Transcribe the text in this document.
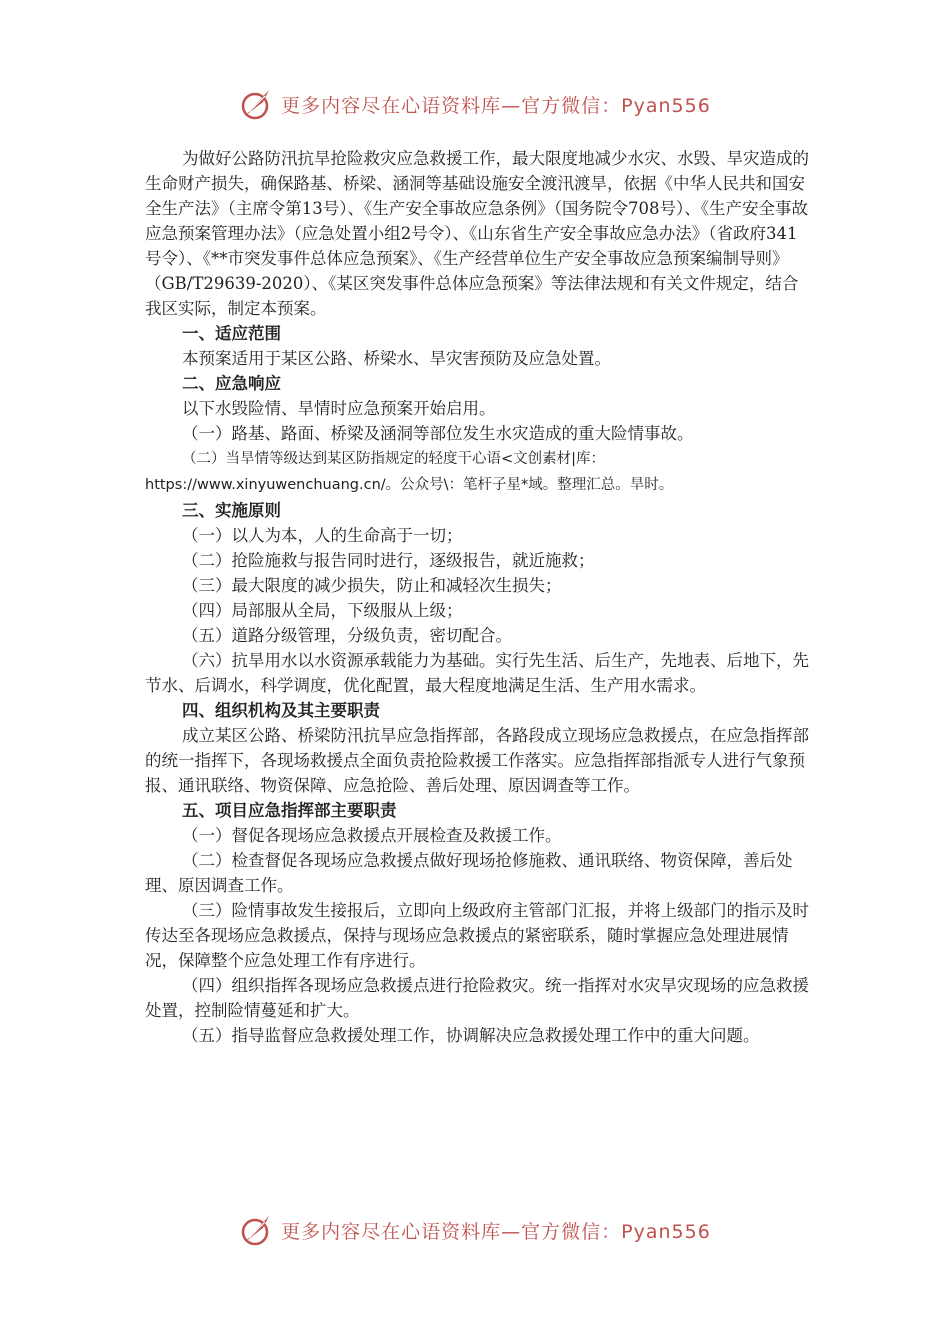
更多内容尽在心语资料库—官方微信：Pyan556

为做好公路防汛抗旱抢险救灾应急救援工作，最大限度地减少水灾、水毁、旱灾造成的生命财产损失，确保路基、桥梁、涵洞等基础设施安全渡汛渡旱，依据《中华人民共和国安全生产法》（主席令第13号）、《生产安全事故应急条例》（国务院令708号）、《生产安全事故应急预案管理办法》（应急处置小组2号令）、《山东省生产安全事故应急办法》（省政府341号令）、《**市突发事件总体应急预案》、《生产经营单位生产安全事故应急预案编制导则》（GB/T29639-2020）、《某区突发事件总体应急预案》等法律法规和有关文件规定，结合我区实际，制定本预案。

一、适应范围

本预案适用于某区公路、桥梁水、旱灾害预防及应急处置。

二、应急响应

以下水毁险情、旱情时应急预案开始启用。

（一）路基、路面、桥梁及涵洞等部位发生水灾造成的重大险情事故。

（二）当旱情等级达到某区防指规定的轻度干心语<文创素材|库：https://www.xinyuwenchuang.cn/。公众号\：笔杆子星*域。整理汇总。旱时。

三、实施原则

（一）以人为本，人的生命高于一切；

（二）抢险施救与报告同时进行，逐级报告，就近施救；

（三）最大限度的减少损失，防止和减轻次生损失；

（四）局部服从全局，下级服从上级；

（五）道路分级管理，分级负责，密切配合。

（六）抗旱用水以水资源承载能力为基础。实行先生活、后生产，先地表、后地下，先节水、后调水，科学调度，优化配置，最大程度地满足生活、生产用水需求。

四、组织机构及其主要职责

成立某区公路、桥梁防汛抗旱应急指挥部，各路段成立现场应急救援点，在应急指挥部的统一指挥下，各现场救援点全面负责抢险救援工作落实。应急指挥部指派专人进行气象预报、通讯联络、物资保障、应急抢险、善后处理、原因调查等工作。

五、项目应急指挥部主要职责

（一）督促各现场应急救援点开展检查及救援工作。

（二）检查督促各现场应急救援点做好现场抢修施救、通讯联络、物资保障，善后处理、原因调查工作。

（三）险情事故发生接报后，立即向上级政府主管部门汇报，并将上级部门的指示及时传达至各现场应急救援点，保持与现场应急救援点的紧密联系，随时掌握应急处理进展情况，保障整个应急处理工作有序进行。

（四）组织指挥各现场应急救援点进行抢险救灾。统一指挥对水灾旱灾现场的应急救援处置，控制险情蔓延和扩大。

（五）指导监督应急救援处理工作，协调解决应急救援处理工作中的重大问题。

更多内容尽在心语资料库—官方微信：Pyan556
